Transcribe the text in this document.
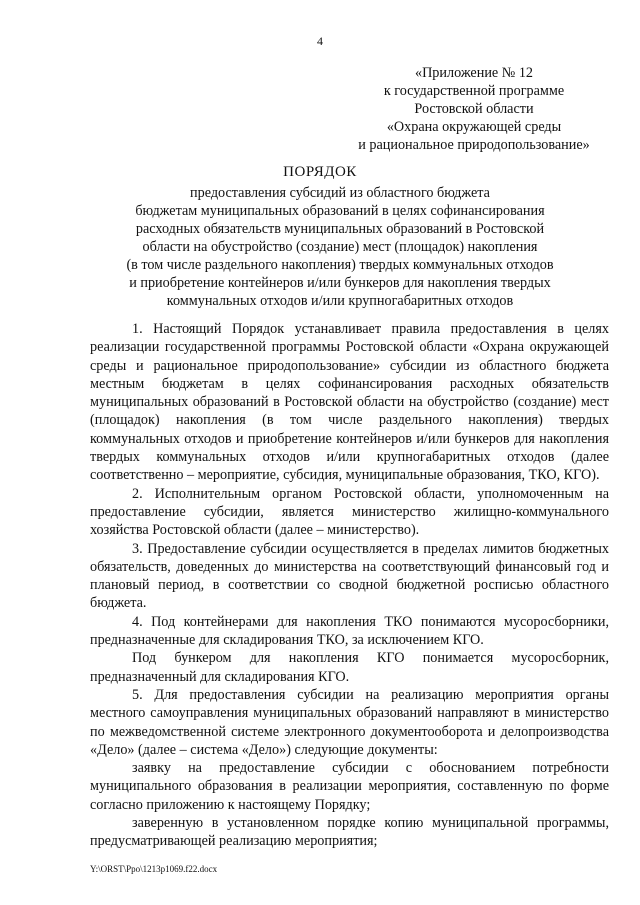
4
«Приложение № 12
к государственной программе
Ростовской области
«Охрана окружающей среды
и рациональное природопользование»
ПОРЯДОК
предоставления субсидий из областного бюджета
бюджетам муниципальных образований в целях софинансирования
расходных обязательств муниципальных образований в Ростовской
области на обустройство (создание) мест (площадок) накопления
(в том числе раздельного накопления) твердых коммунальных отходов
и приобретение контейнеров и/или бункеров для накопления твердых
коммунальных отходов и/или крупногабаритных отходов

1. Настоящий Порядок устанавливает правила предоставления в целях реализации государственной программы Ростовской области «Охрана окружающей среды и рациональное природопользование» субсидии из областного бюджета местным бюджетам в целях софинансирования расходных обязательств муниципальных образований в Ростовской области на обустройство (создание) мест (площадок) накопления (в том числе раздельного накопления) твердых коммунальных отходов и приобретение контейнеров и/или бункеров для накопления твердых коммунальных отходов и/или крупногабаритных отходов (далее соответственно – мероприятие, субсидия, муниципальные образования, ТКО, КГО).

2. Исполнительным органом Ростовской области, уполномоченным на предоставление субсидии, является министерство жилищно-коммунального хозяйства Ростовской области (далее – министерство).

3. Предоставление субсидии осуществляется в пределах лимитов бюджетных обязательств, доведенных до министерства на соответствующий финансовый год и плановый период, в соответствии со сводной бюджетной росписью областного бюджета.

4. Под контейнерами для накопления ТКО понимаются мусоросборники, предназначенные для складирования ТКО, за исключением КГО.

Под бункером для накопления КГО понимается мусоросборник, предназначенный для складирования КГО.

5. Для предоставления субсидии на реализацию мероприятия органы местного самоуправления муниципальных образований направляют в министерство по межведомственной системе электронного документооборота и делопроизводства «Дело» (далее – система «Дело») следующие документы:

заявку на предоставление субсидии с обоснованием потребности муниципального образования в реализации мероприятия, составленную по форме согласно приложению к настоящему Порядку;

заверенную в установленном порядке копию муниципальной программы, предусматривающей реализацию мероприятия;

Y:\ORST\Ppo\1213p1069.f22.docx
